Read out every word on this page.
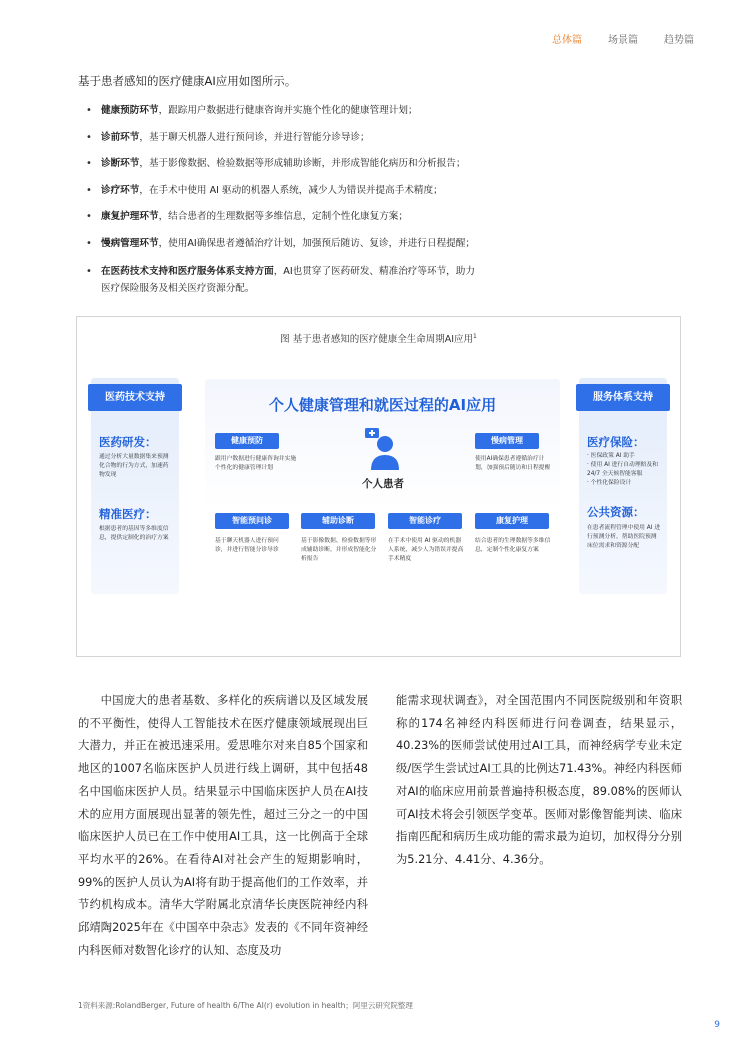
总体篇	场景篇	趋势篇
基于患者感知的医疗健康AI应用如图所示。
• 健康预防环节，跟踪用户数据进行健康咨询并实施个性化的健康管理计划；
• 诊前环节，基于聊天机器人进行预问诊，并进行智能分诊导诊；
• 诊断环节，基于影像数据、检验数据等形成辅助诊断，并形成智能化病历和分析报告；
• 诊疗环节，在手术中使用 AI 驱动的机器人系统，减少人为错误并提高手术精度；
• 康复护理环节，结合患者的生理数据等多维信息，定制个性化康复方案；
• 慢病管理环节，使用AI确保患者遵循治疗计划，加强预后随访、复诊，并进行日程提醒；
• 在医药技术支持和医疗服务体系支持方面，AI也贯穿了医药研发、精准治疗等环节，助力
医疗保险服务及相关医疗资源分配。
图 基于患者感知的医疗健康全生命周期AI应用$^1$
医药技术支持
医药研发：
通过分析大量数据集来预测化合物的行为方式，加速药物发现
精准医疗：
根据患者的基因等多维度信息，提供定制化的治疗方案
个人健康管理和就医过程的AI应用
个人患者
健康预防
跟用户数据进行健康咨询并实施个性化的健康管理计划
慢病管理
使用AI确保患者遵循治疗计划，加强预后随访和日程提醒
智能预问诊
基于聊天机器人进行预问诊，并进行智能分诊导诊
辅助诊断
基于影像数据、检验数据等形成辅助诊断，并形成智能化分析报告
智能诊疗
在手术中使用 AI 驱动的机器人系统，减少人为错误并提高手术精度
康复护理
结合患者的生理数据等多维信息，定制个性化康复方案
服务体系支持
医疗保险：
· 医保政策 AI 助手
· 使用 AI 进行自动理赔及和 24/7 全天候智能客服
· 个性化保险设计
公共资源：
在患者流程管理中使用 AI 进行预测分析，帮助医院预测床位需求和资源分配

中国庞大的患者基数、多样化的疾病谱以及区域发展的不平衡性，使得人工智能技术在医疗健康领域展现出巨大潜力，并正在被迅速采用。爱思唯尔对来自85个国家和地区的1007名临床医护人员进行线上调研，其中包括48名中国临床医护人员。结果显示中国临床医护人员在AI技术的应用方面展现出显著的领先性，超过三分之一的中国临床医护人员已在工作中使用AI工具，这一比例高于全球平均水平的26%。在看待AI对社会产生的短期影响时，99%的医护人员认为AI将有助于提高他们的工作效率，并节约机构成本。清华大学附属北京清华长庚医院神经内科邱靖陶2025年在《中国卒中杂志》发表的《不同年资神经内科医师对数智化诊疗的认知、态度及功

能需求现状调查》，对全国范围内不同医院级别和年资职称的174名神经内科医师进行问卷调查，结果显示，40.23%的医师尝试使用过AI工具，而神经病学专业未定级/医学生尝试过AI工具的比例达71.43%。神经内科医师对AI的临床应用前景普遍持积极态度，89.08%的医师认可AI技术将会引领医学变革。医师对影像智能判读、临床指南匹配和病历生成功能的需求最为迫切，加权得分分别为5.21分、4.41分、4.36分。

1资料来源:RolandBerger, Future of health 6/The AI(r) evolution in health；阿里云研究院整理
9
